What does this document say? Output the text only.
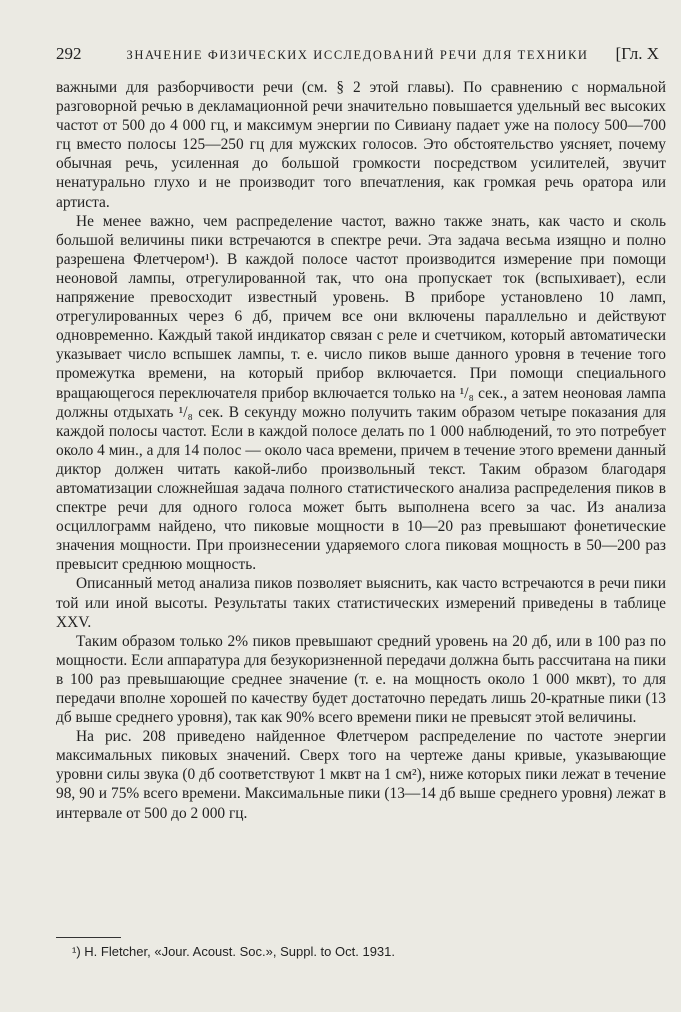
292	ЗНАЧЕНИЕ ФИЗИЧЕСКИХ ИССЛЕДОВАНИЙ РЕЧИ ДЛЯ ТЕХНИКИ	[Гл. X

важными для разборчивости речи (см. § 2 этой главы). По сравнению с нормальной разговорной речью в декламационной речи значительно повышается удельный вес высоких частот от 500 до 4 000 гц, и максимум энергии по Сивиану падает уже на полосу 500—700 гц вместо полосы 125—250 гц для мужских голосов. Это обстоятельство уясняет, почему обычная речь, усиленная до большой громкости посредством усилителей, звучит ненатурально глухо и не производит того впечатления, как громкая речь оратора или артиста.

Не менее важно, чем распределение частот, важно также знать, как часто и сколь большой величины пики встречаются в спектре речи. Эта задача весьма изящно и полно разрешена Флетчером¹). В каждой полосе частот производится измерение при помощи неоновой лампы, отрегулированной так, что она пропускает ток (вспыхивает), если напряжение превосходит известный уровень. В приборе установлено 10 ламп, отрегулированных через 6 дб, причем все они включены параллельно и действуют одновременно. Каждый такой индикатор связан с реле и счетчиком, который автоматически указывает число вспышек лампы, т. е. число пиков выше данного уровня в течение того промежутка времени, на который прибор включается. При помощи специального вращающегося переключателя прибор включается только на ¹/₈ сек., а затем неоновая лампа должны отдыхать ¹/₈ сек. В секунду можно получить таким образом четыре показания для каждой полосы частот. Если в каждой полосе делать по 1 000 наблюдений, то это потребует около 4 мин., а для 14 полос — около часа времени, причем в течение этого времени данный диктор должен читать какой-либо произвольный текст. Таким образом благодаря автоматизации сложнейшая задача полного статистического анализа распределения пиков в спектре речи для одного голоса может быть выполнена всего за час. Из анализа осциллограмм найдено, что пиковые мощности в 10—20 раз превышают фонетические значения мощности. При произнесении ударяемого слога пиковая мощность в 50—200 раз превысит среднюю мощность.

Описанный метод анализа пиков позволяет выяснить, как часто встречаются в речи пики той или иной высоты. Результаты таких статистических измерений приведены в таблице XXV.

Таким образом только 2% пиков превышают средний уровень на 20 дб, или в 100 раз по мощности. Если аппаратура для безукоризненной передачи должна быть рассчитана на пики в 100 раз превышающие среднее значение (т. е. на мощность около 1 000 мквт), то для передачи вполне хорошей по качеству будет достаточно передать лишь 20-кратные пики (13 дб выше среднего уровня), так как 90% всего времени пики не превысят этой величины.

На рис. 208 приведено найденное Флетчером распределение по частоте энергии максимальных пиковых значений. Сверх того на чертеже даны кривые, указывающие уровни силы звука (0 дб соответствуют 1 мквт на 1 см²), ниже которых пики лежат в течение 98, 90 и 75% всего времени. Максимальные пики (13—14 дб выше среднего уровня) лежат в интервале от 500 до 2 000 гц.

¹) H. Fletcher, «Jour. Acoust. Soc.», Suppl. to Oct. 1931.
